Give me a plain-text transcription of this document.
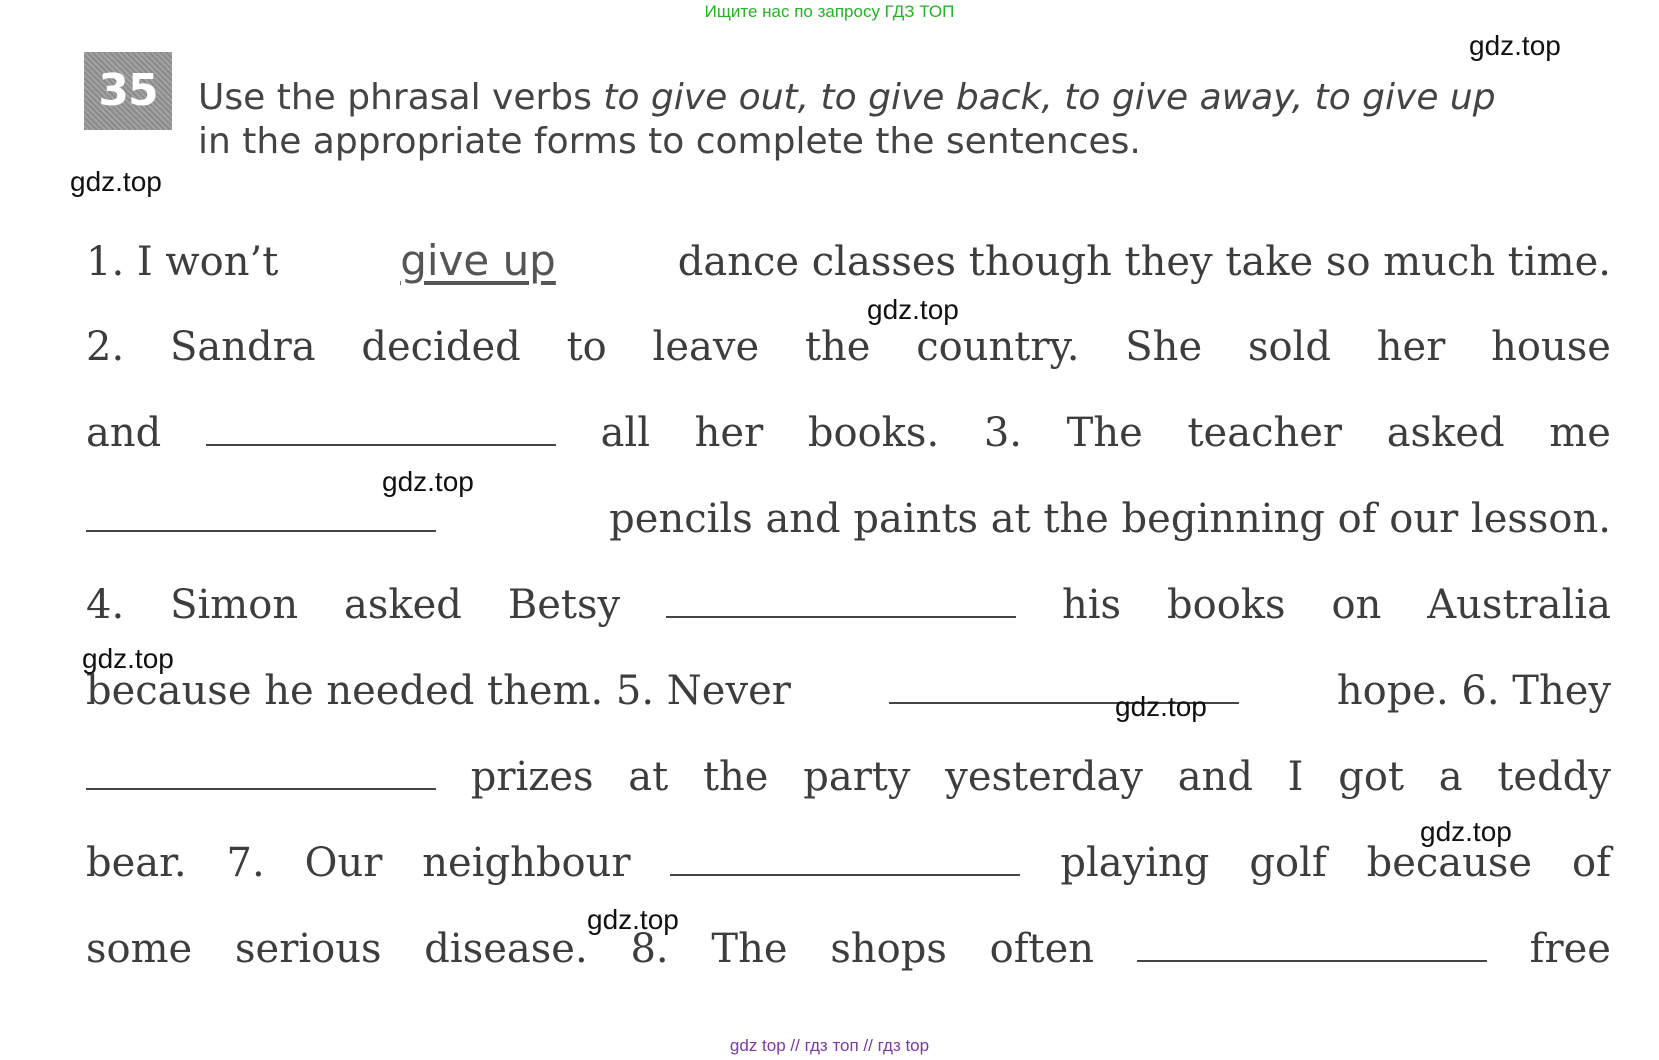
Ищите нас по запросу ГДЗ ТОП
35	Use the phrasal verbs to give out, to give back, to give away, to give up
in the appropriate forms to complete the sentences.
1. I won’t	give up	dance classes though they take so much time.
2. Sandra decided to leave the country. She sold her house
and	all her books. 3. The teacher asked me
pencils and paints at the beginning of our lesson.
4. Simon asked Betsy	his books on Australia
because he needed them. 5. Never	hope. 6. They
prizes at the party yesterday and I got a teddy
bear. 7. Our neighbour	playing golf because of
some serious disease. 8. The shops often	free
gdz.top
gdz.top
gdz.top
gdz.top
gdz.top
gdz.top
gdz.top
gdz.top
gdz top // гдз топ // гдз top
